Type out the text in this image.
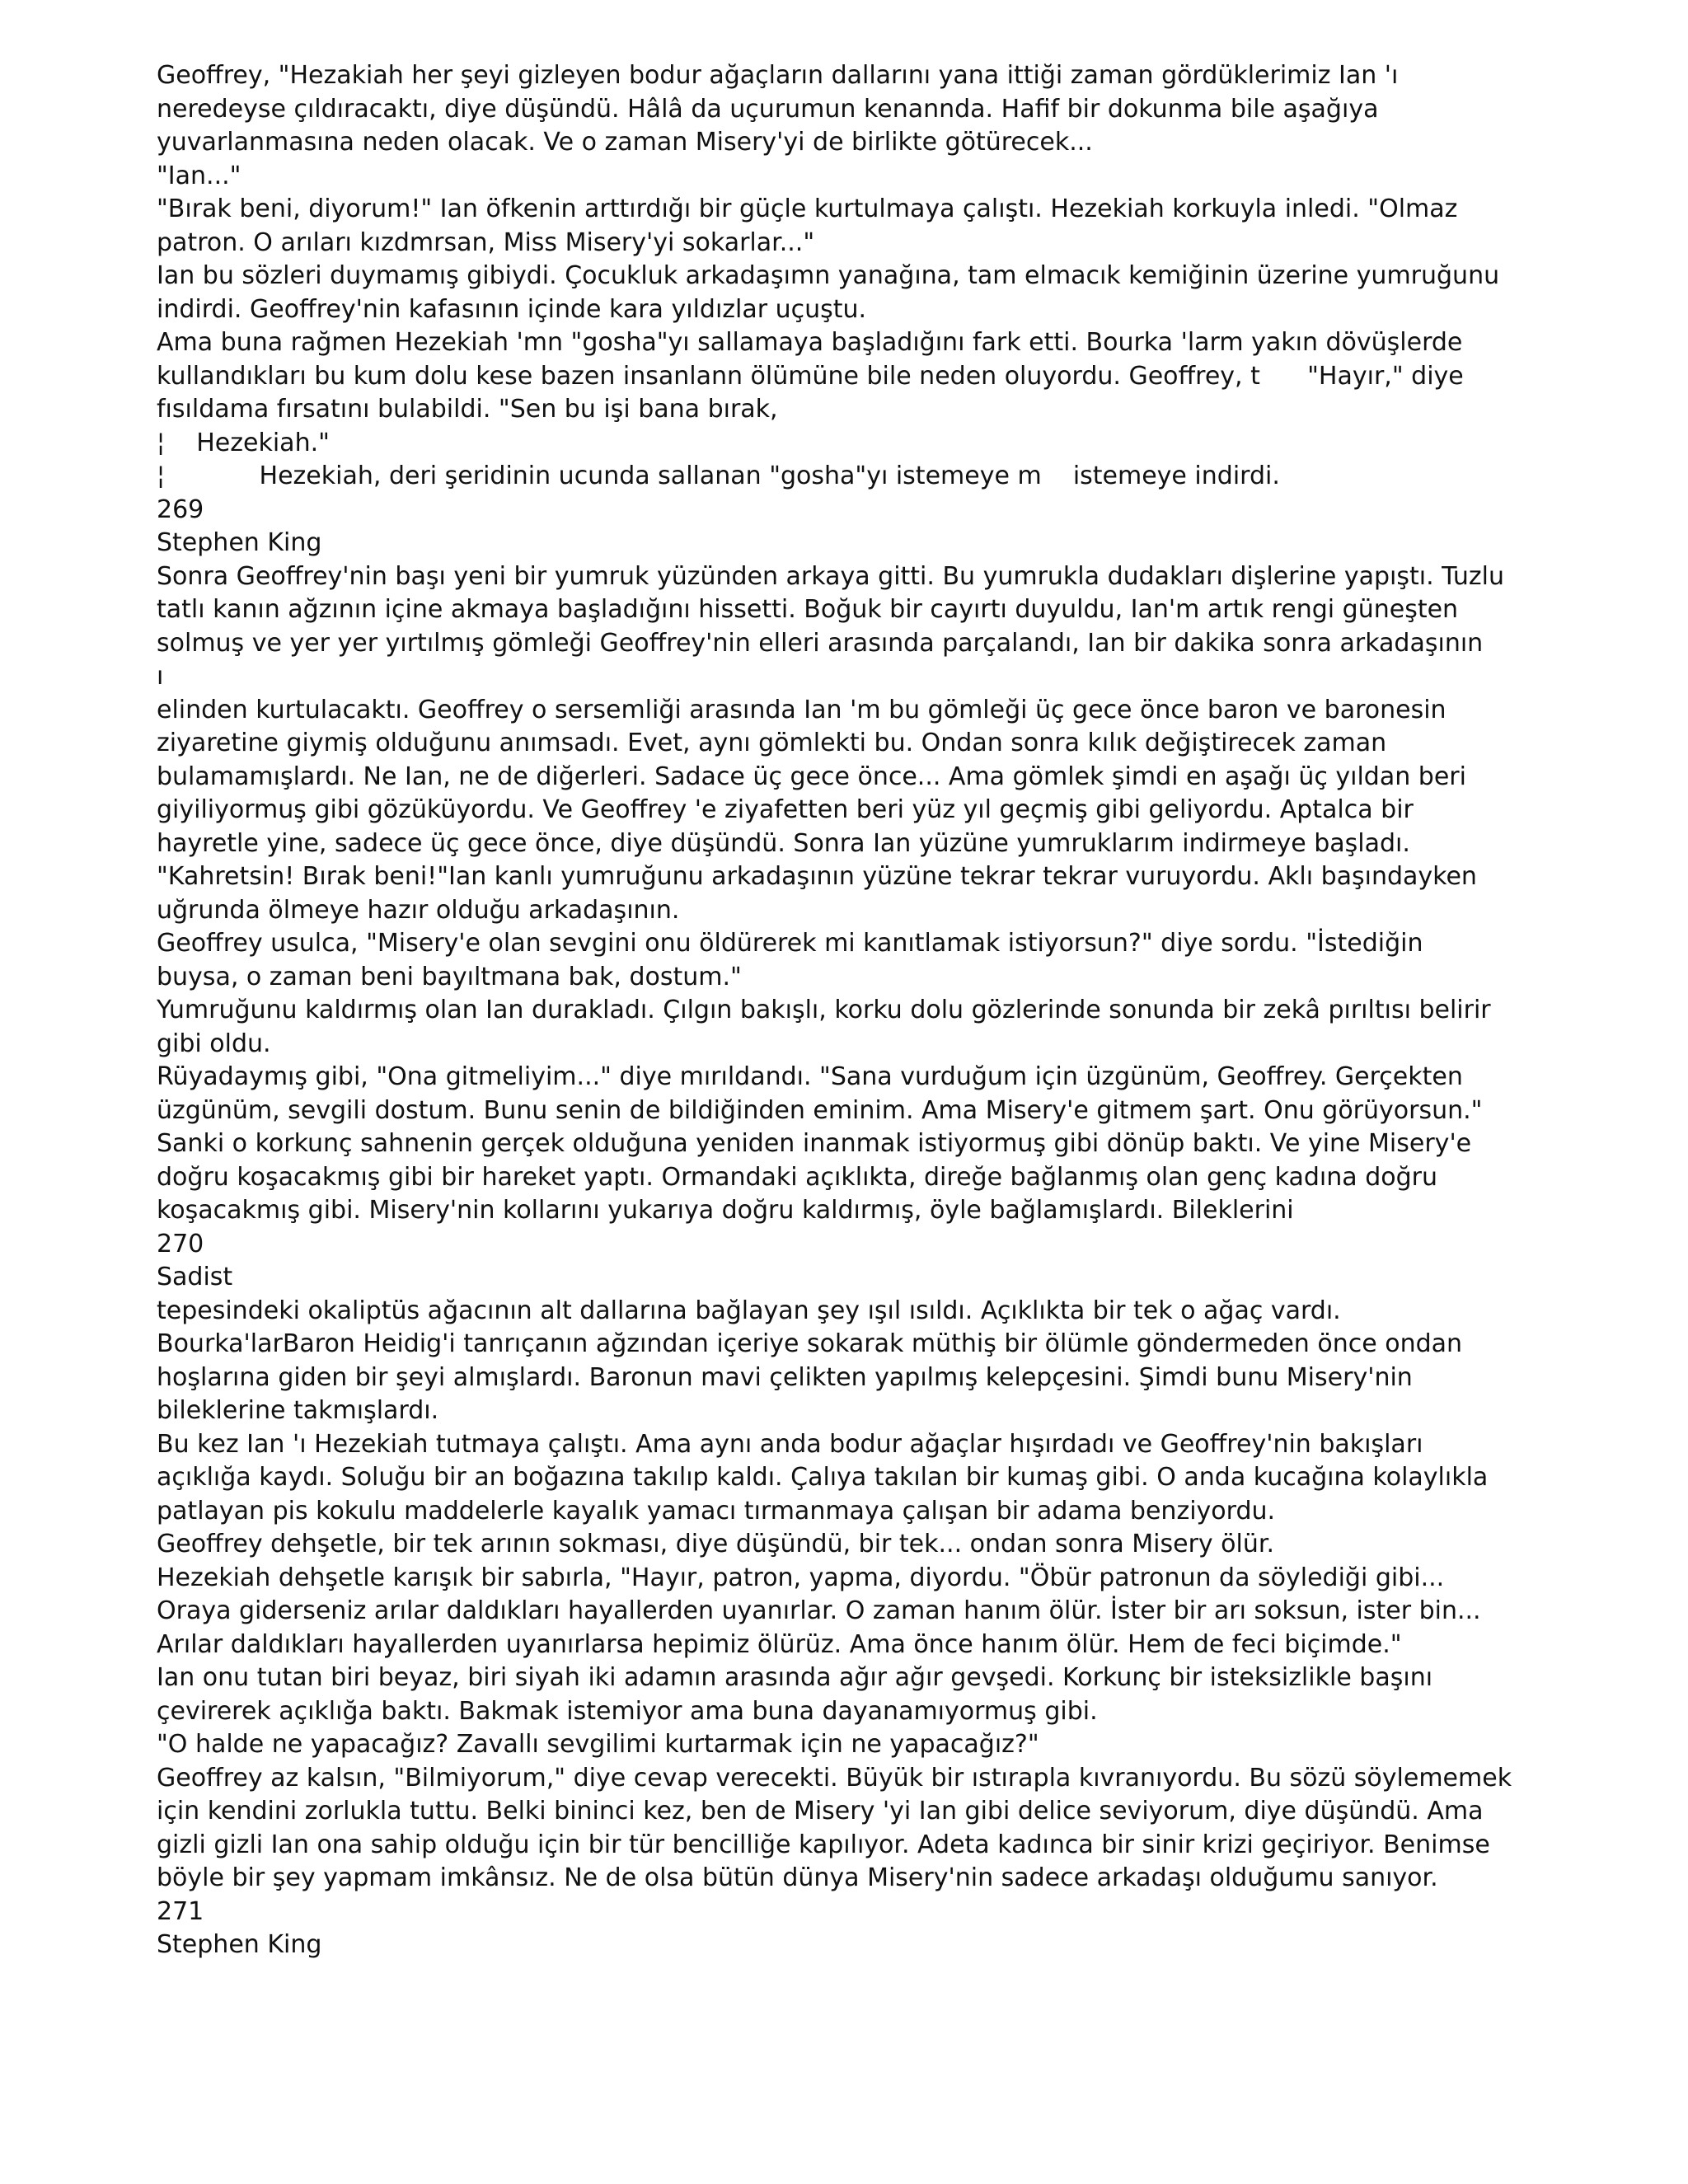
Geoffrey, "Hezakiah her şeyi gizleyen bodur ağaçların dallarını yana ittiği zaman gördüklerimiz Ian 'ı
neredeyse çıldıracaktı, diye düşündü. Hâlâ da uçurumun kenannda. Hafif bir dokunma bile aşağıya
yuvarlanmasına neden olacak. Ve o zaman Misery'yi de birlikte götürecek...
"Ian..."
"Bırak beni, diyorum!" Ian öfkenin arttırdığı bir güçle kurtulmaya çalıştı. Hezekiah korkuyla inledi. "Olmaz
patron. O arıları kızdmrsan, Miss Misery'yi sokarlar..."
Ian bu sözleri duymamış gibiydi. Çocukluk arkadaşımn yanağına, tam elmacık kemiğinin üzerine yumruğunu
indirdi. Geoffrey'nin kafasının içinde kara yıldızlar uçuştu.
Ama buna rağmen Hezekiah 'mn "gosha"yı sallamaya başladığını fark etti. Bourka 'larm yakın dövüşlerde
kullandıkları bu kum dolu kese bazen insanlann ölümüne bile neden oluyordu. Geoffrey, t      "Hayır," diye
fısıldama fırsatını bulabildi. "Sen bu işi bana bırak,
¦    Hezekiah."
¦            Hezekiah, deri şeridinin ucunda sallanan "gosha"yı istemeye m    istemeye indirdi.
269
Stephen King
Sonra Geoffrey'nin başı yeni bir yumruk yüzünden arkaya gitti. Bu yumrukla dudakları dişlerine yapıştı. Tuzlu
tatlı kanın ağzının içine akmaya başladığını hissetti. Boğuk bir cayırtı duyuldu, Ian'm artık rengi güneşten
solmuş ve yer yer yırtılmış gömleği Geoffrey'nin elleri arasında parçalandı, Ian bir dakika sonra arkadaşının
ı
elinden kurtulacaktı. Geoffrey o sersemliği arasında Ian 'm bu gömleği üç gece önce baron ve baronesin
ziyaretine giymiş olduğunu anımsadı. Evet, aynı gömlekti bu. Ondan sonra kılık değiştirecek zaman
bulamamışlardı. Ne Ian, ne de diğerleri. Sadace üç gece önce... Ama gömlek şimdi en aşağı üç yıldan beri
giyiliyormuş gibi gözüküyordu. Ve Geoffrey 'e ziyafetten beri yüz yıl geçmiş gibi geliyordu. Aptalca bir
hayretle yine, sadece üç gece önce, diye düşündü. Sonra Ian yüzüne yumruklarım indirmeye başladı.
"Kahretsin! Bırak beni!"Ian kanlı yumruğunu arkadaşının yüzüne tekrar tekrar vuruyordu. Aklı başındayken
uğrunda ölmeye hazır olduğu arkadaşının.
Geoffrey usulca, "Misery'e olan sevgini onu öldürerek mi kanıtlamak istiyorsun?" diye sordu. "İstediğin
buysa, o zaman beni bayıltmana bak, dostum."
Yumruğunu kaldırmış olan Ian durakladı. Çılgın bakışlı, korku dolu gözlerinde sonunda bir zekâ pırıltısı belirir
gibi oldu.
Rüyadaymış gibi, "Ona gitmeliyim..." diye mırıldandı. "Sana vurduğum için üzgünüm, Geoffrey. Gerçekten
üzgünüm, sevgili dostum. Bunu senin de bildiğinden eminim. Ama Misery'e gitmem şart. Onu görüyorsun."
Sanki o korkunç sahnenin gerçek olduğuna yeniden inanmak istiyormuş gibi dönüp baktı. Ve yine Misery'e
doğru koşacakmış gibi bir hareket yaptı. Ormandaki açıklıkta, direğe bağlanmış olan genç kadına doğru
koşacakmış gibi. Misery'nin kollarını yukarıya doğru kaldırmış, öyle bağlamışlardı. Bileklerini
270
Sadist
tepesindeki okaliptüs ağacının alt dallarına bağlayan şey ışıl ısıldı. Açıklıkta bir tek o ağaç vardı.
Bourka'larBaron Heidig'i tanrıçanın ağzından içeriye sokarak müthiş bir ölümle göndermeden önce ondan
hoşlarına giden bir şeyi almışlardı. Baronun mavi çelikten yapılmış kelepçesini. Şimdi bunu Misery'nin
bileklerine takmışlardı.
Bu kez Ian 'ı Hezekiah tutmaya çalıştı. Ama aynı anda bodur ağaçlar hışırdadı ve Geoffrey'nin bakışları
açıklığa kaydı. Soluğu bir an boğazına takılıp kaldı. Çalıya takılan bir kumaş gibi. O anda kucağına kolaylıkla
patlayan pis kokulu maddelerle kayalık yamacı tırmanmaya çalışan bir adama benziyordu.
Geoffrey dehşetle, bir tek arının sokması, diye düşündü, bir tek... ondan sonra Misery ölür.
Hezekiah dehşetle karışık bir sabırla, "Hayır, patron, yapma, diyordu. "Öbür patronun da söylediği gibi...
Oraya giderseniz arılar daldıkları hayallerden uyanırlar. O zaman hanım ölür. İster bir arı soksun, ister bin...
Arılar daldıkları hayallerden uyanırlarsa hepimiz ölürüz. Ama önce hanım ölür. Hem de feci biçimde."
Ian onu tutan biri beyaz, biri siyah iki adamın arasında ağır ağır gevşedi. Korkunç bir isteksizlikle başını
çevirerek açıklığa baktı. Bakmak istemiyor ama buna dayanamıyormuş gibi.
"O halde ne yapacağız? Zavallı sevgilimi kurtarmak için ne yapacağız?"
Geoffrey az kalsın, "Bilmiyorum," diye cevap verecekti. Büyük bir ıstırapla kıvranıyordu. Bu sözü söylememek
için kendini zorlukla tuttu. Belki bininci kez, ben de Misery 'yi Ian gibi delice seviyorum, diye düşündü. Ama
gizli gizli Ian ona sahip olduğu için bir tür bencilliğe kapılıyor. Adeta kadınca bir sinir krizi geçiriyor. Benimse
böyle bir şey yapmam imkânsız. Ne de olsa bütün dünya Misery'nin sadece arkadaşı olduğumu sanıyor.
271
Stephen King
